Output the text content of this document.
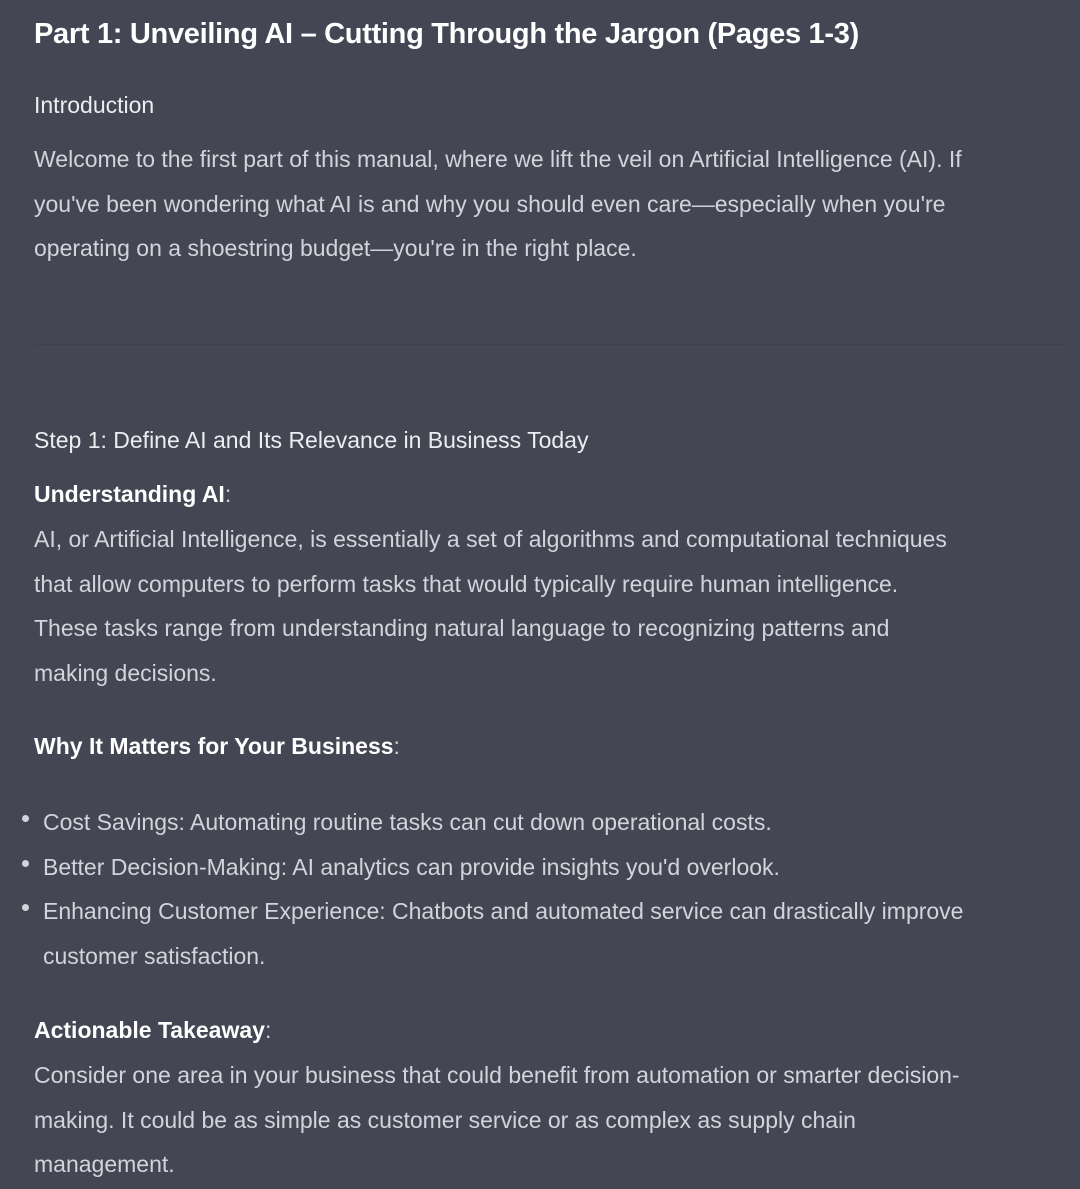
Part 1: Unveiling AI – Cutting Through the Jargon (Pages 1-3)
Introduction
Welcome to the first part of this manual, where we lift the veil on Artificial Intelligence (AI). If
you've been wondering what AI is and why you should even care—especially when you're
operating on a shoestring budget—you're in the right place.
Step 1: Define AI and Its Relevance in Business Today
Understanding AI:
AI, or Artificial Intelligence, is essentially a set of algorithms and computational techniques
that allow computers to perform tasks that would typically require human intelligence.
These tasks range from understanding natural language to recognizing patterns and
making decisions.
Why It Matters for Your Business:
Cost Savings: Automating routine tasks can cut down operational costs.
Better Decision-Making: AI analytics can provide insights you'd overlook.
Enhancing Customer Experience: Chatbots and automated service can drastically improve
customer satisfaction.
Actionable Takeaway:
Consider one area in your business that could benefit from automation or smarter decision-
making. It could be as simple as customer service or as complex as supply chain
management.
